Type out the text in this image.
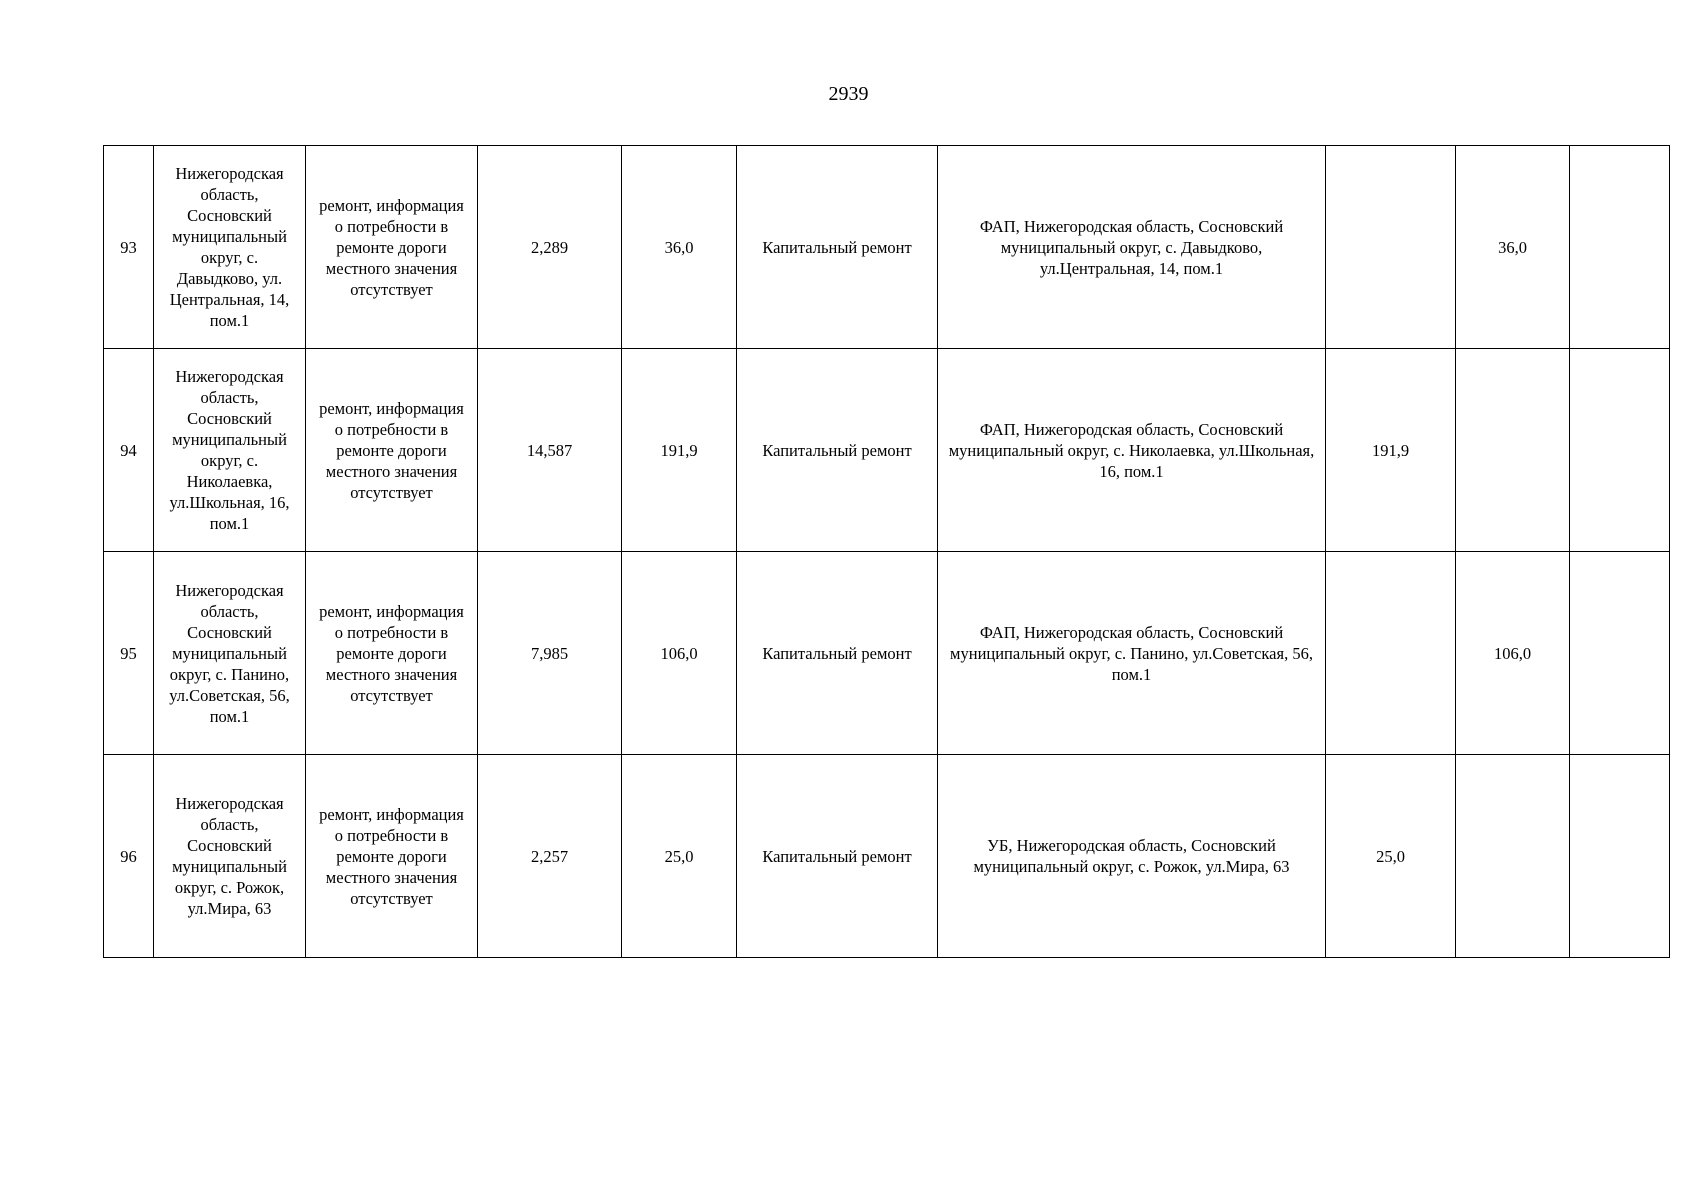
2939
93	Нижегородская область, Сосновский муниципальный округ, с. Давыдково, ул. Центральная, 14, пом.1	ремонт, информация о потребности в ремонте дороги местного значения отсутствует	2,289	36,0	Капитальный ремонт	ФАП, Нижегородская область, Сосновский муниципальный округ, с. Давыдково, ул.Центральная, 14, пом.1		36,0	
94	Нижегородская область, Сосновский муниципальный округ, с. Николаевка, ул.Школьная, 16, пом.1	ремонт, информация о потребности в ремонте дороги местного значения отсутствует	14,587	191,9	Капитальный ремонт	ФАП, Нижегородская область, Сосновский муниципальный округ, с. Николаевка, ул.Школьная, 16, пом.1	191,9		
95	Нижегородская область, Сосновский муниципальный округ, с. Панино, ул.Советская, 56, пом.1	ремонт, информация о потребности в ремонте дороги местного значения отсутствует	7,985	106,0	Капитальный ремонт	ФАП, Нижегородская область, Сосновский муниципальный округ, с. Панино, ул.Советская, 56, пом.1		106,0	
96	Нижегородская область, Сосновский муниципальный округ, с. Рожок, ул.Мира, 63	ремонт, информация о потребности в ремонте дороги местного значения отсутствует	2,257	25,0	Капитальный ремонт	УБ, Нижегородская область, Сосновский муниципальный округ, с. Рожок, ул.Мира, 63	25,0		
